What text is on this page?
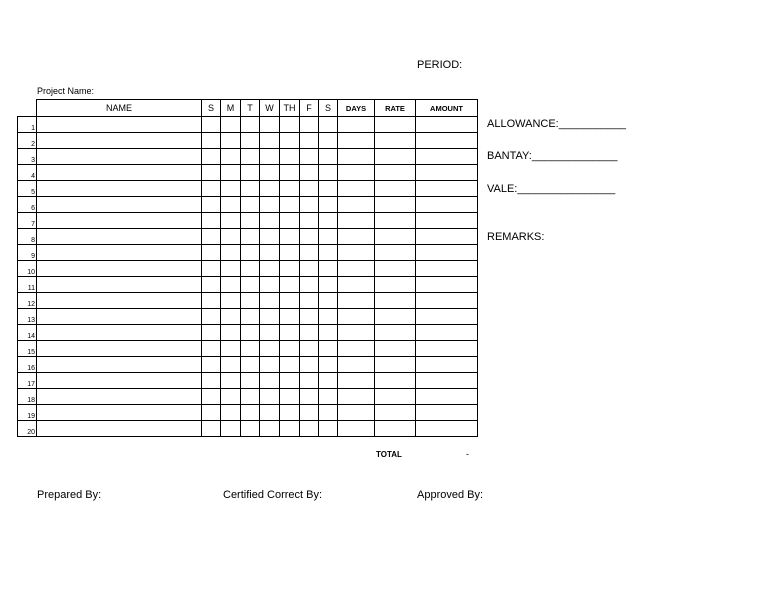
PERIOD:
Project Name:
	NAME	S	M	T	W	TH	F	S	DAYS	RATE	AMOUNT
1											
2											
3											
4											
5											
6											
7											
8											
9											
10											
11											
12											
13											
14											
15											
16											
17											
18											
19											
20											
TOTAL	-
ALLOWANCE:___________
BANTAY:______________
VALE:________________
REMARKS:
Prepared By:	Certified Correct By:	Approved By:
